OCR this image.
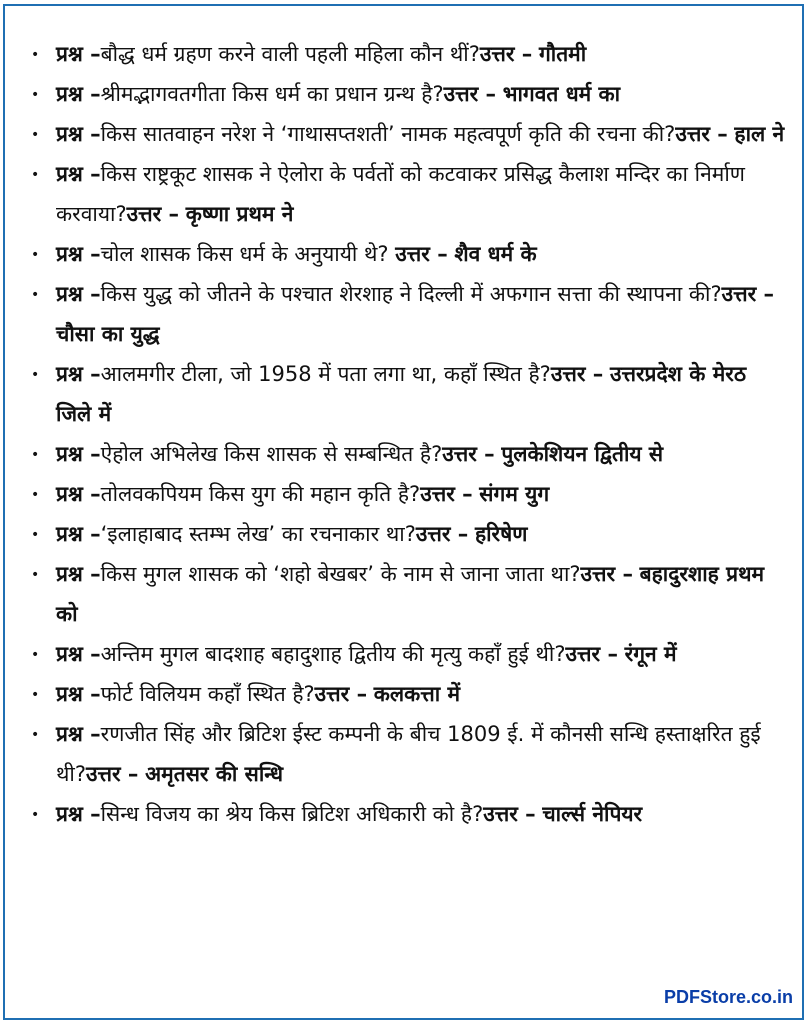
• प्रश्न –बौद्ध धर्म ग्रहण करने वाली पहली महिला कौन थीं?उत्तर – गौतमी
• प्रश्न –श्रीमद्भागवतगीता किस धर्म का प्रधान ग्रन्थ है?उत्तर – भागवत धर्म का
• प्रश्न –किस सातवाहन नरेश ने ‘गाथासप्तशती’ नामक महत्वपूर्ण कृति की रचना की?उत्तर – हाल ने
• प्रश्न –किस राष्ट्रकूट शासक ने ऐलोरा के पर्वतों को कटवाकर प्रसिद्ध कैलाश मन्दिर का निर्माण करवाया?उत्तर – कृष्णा प्रथम ने
• प्रश्न –चोल शासक किस धर्म के अनुयायी थे? उत्तर – शैव धर्म के
• प्रश्न –किस युद्ध को जीतने के पश्चात शेरशाह ने दिल्ली में अफगान सत्ता की स्थापना की?उत्तर – चौसा का युद्ध
• प्रश्न –आलमगीर टीला, जो 1958 में पता लगा था, कहाँ स्थित है?उत्तर – उत्तरप्रदेश के मेरठ जिले में
• प्रश्न –ऐहोल अभिलेख किस शासक से सम्बन्धित है?उत्तर – पुलकेशियन द्वितीय से
• प्रश्न –तोलवकपियम किस युग की महान कृति है?उत्तर – संगम युग
• प्रश्न –‘इलाहाबाद स्तम्भ लेख’ का रचनाकार था?उत्तर – हरिषेण
• प्रश्न –किस मुगल शासक को ‘शहो बेखबर’ के नाम से जाना जाता था?उत्तर – बहादुरशाह प्रथम को
• प्रश्न –अन्तिम मुगल बादशाह बहादुशाह द्वितीय की मृत्यु कहाँ हुई थी?उत्तर – रंगून में
• प्रश्न –फोर्ट विलियम कहाँ स्थित है?उत्तर – कलकत्ता में
• प्रश्न –रणजीत सिंह और ब्रिटिश ईस्ट कम्पनी के बीच 1809 ई. में कौनसी सन्धि हस्ताक्षरित हुई थी?उत्तर – अमृतसर की सन्धि
• प्रश्न –सिन्ध विजय का श्रेय किस ब्रिटिश अधिकारी को है?उत्तर – चार्ल्स नेपियर
PDFStore.co.in
